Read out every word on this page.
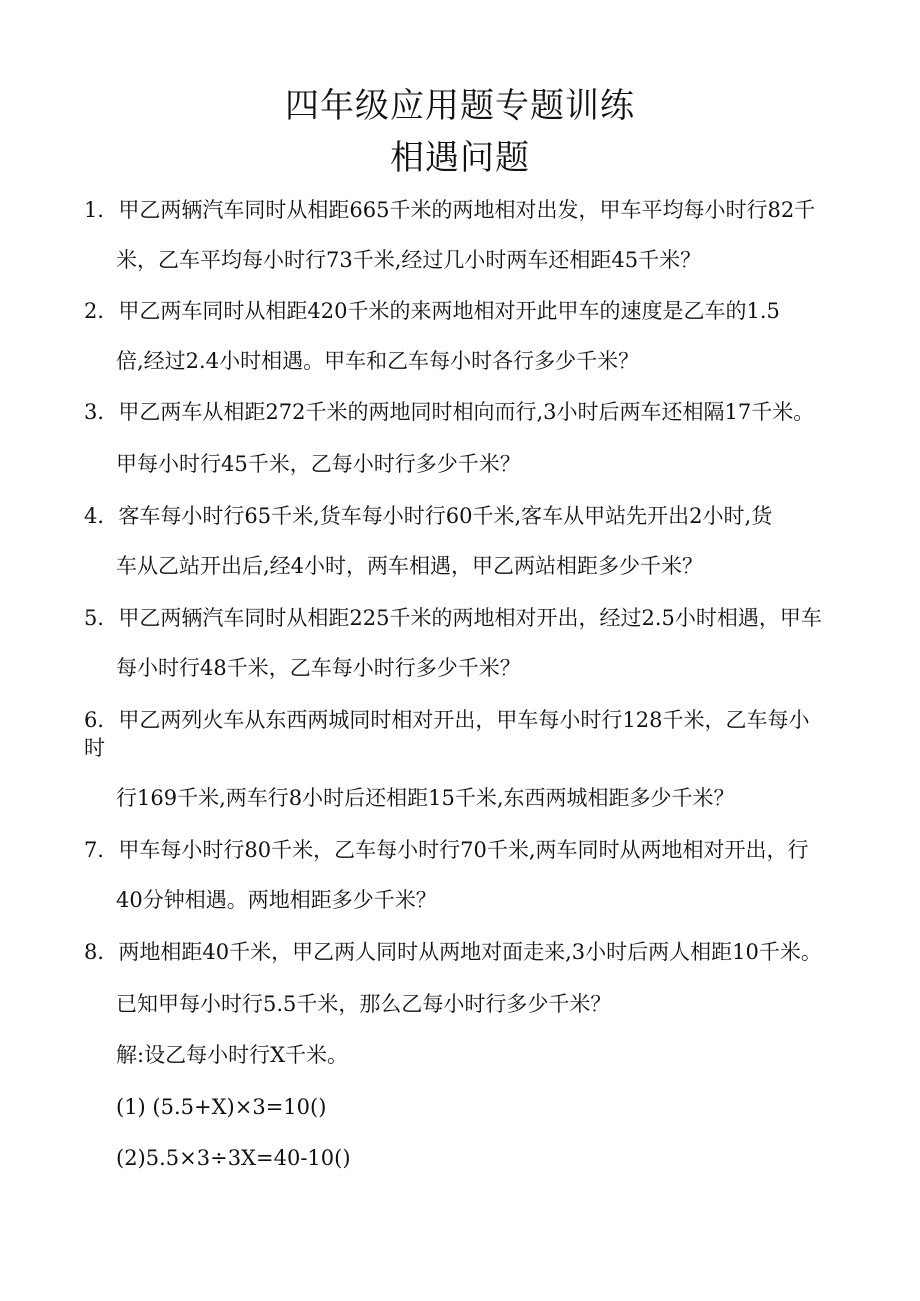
四年级应用题专题训练
相遇问题

1．甲乙两辆汽车同时从相距665千米的两地相对出发，甲车平均每小时行82千

米，乙车平均每小时行73千米,经过几小时两车还相距45千米？

2．甲乙两车同时从相距420千米的来两地相对开此甲车的速度是乙车的1.5

倍,经过2.4小时相遇。甲车和乙车每小时各行多少千米？

3．甲乙两车从相距272千米的两地同时相向而行,3小时后两车还相隔17千米。

甲每小时行45千米，乙每小时行多少千米？

4．客车每小时行65千米,货车每小时行60千米,客车从甲站先开出2小时,货

车从乙站开出后,经4小时，两车相遇，甲乙两站相距多少千米？

5．甲乙两辆汽车同时从相距225千米的两地相对开出，经过2.5小时相遇，甲车

每小时行48千米，乙车每小时行多少千米？

6．甲乙两列火车从东西两城同时相对开出，甲车每小时行128千米，乙车每小

时

行169千米,两车行8小时后还相距15千米,东西两城相距多少千米？

7．甲车每小时行80千米，乙车每小时行70千米,两车同时从两地相对开出，行

40分钟相遇。两地相距多少千米？

8．两地相距40千米，甲乙两人同时从两地对面走来,3小时后两人相距10千米。

已知甲每小时行5.5千米，那么乙每小时行多少千米？

解:设乙每小时行X千米。

(1) (5.5+X)×3=10()

(2)5.5×3÷3X=40-10()
